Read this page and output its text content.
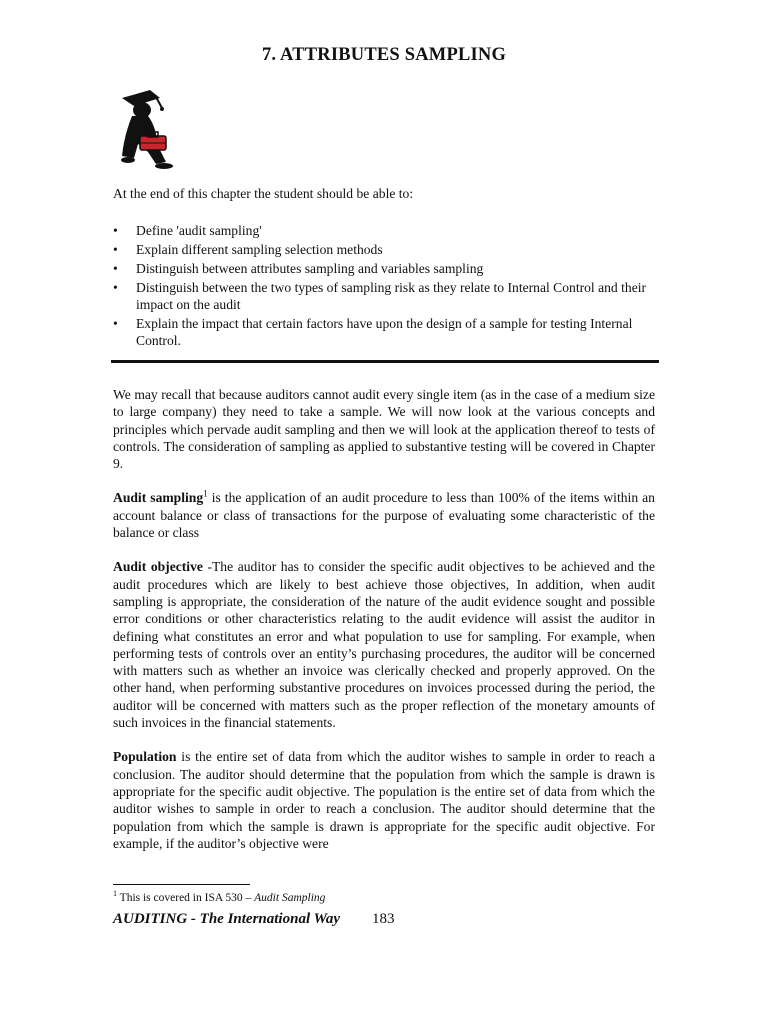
7. ATTRIBUTES SAMPLING
At the end of this chapter the student should be able to:
• Define 'audit sampling'
• Explain different sampling selection methods
• Distinguish between attributes sampling and variables sampling
• Distinguish between the two types of sampling risk as they relate to Internal Control and their impact on the audit
• Explain the impact that certain factors have upon the design of a sample for testing Internal Control.

We may recall that because auditors cannot audit every single item (as in the case of a medium size to large company) they need to take a sample. We will now look at the various concepts and principles which pervade audit sampling and then we will look at the application thereof to tests of controls. The consideration of sampling as applied to substantive testing will be covered in Chapter 9.

Audit sampling$^1$ is the application of an audit procedure to less than 100% of the items within an account balance or class of transactions for the purpose of evaluating some characteristic of the balance or class

Audit objective -The auditor has to consider the specific audit objectives to be achieved and the audit procedures which are likely to best achieve those objectives, In addition, when audit sampling is appropriate, the consideration of the nature of the audit evidence sought and possible error conditions or other characteristics relating to the audit evidence will assist the auditor in defining what constitutes an error and what population to use for sampling. For example, when performing tests of controls over an entity’s purchasing procedures, the auditor will be concerned with matters such as whether an invoice was clerically checked and properly approved. On the other hand, when performing substantive procedures on invoices processed during the period, the auditor will be concerned with matters such as the proper reflection of the monetary amounts of such invoices in the financial statements.

Population is the entire set of data from which the auditor wishes to sample in order to reach a conclusion. The auditor should determine that the population from which the sample is drawn is appropriate for the specific audit objective. The population is the entire set of data from which the auditor wishes to sample in order to reach a conclusion. The auditor should determine that the population from which the sample is drawn is appropriate for the specific audit objective. For example, if the auditor’s objective were

$^1$ This is covered in ISA 530 – Audit Sampling
AUDITING - The International Way 183
